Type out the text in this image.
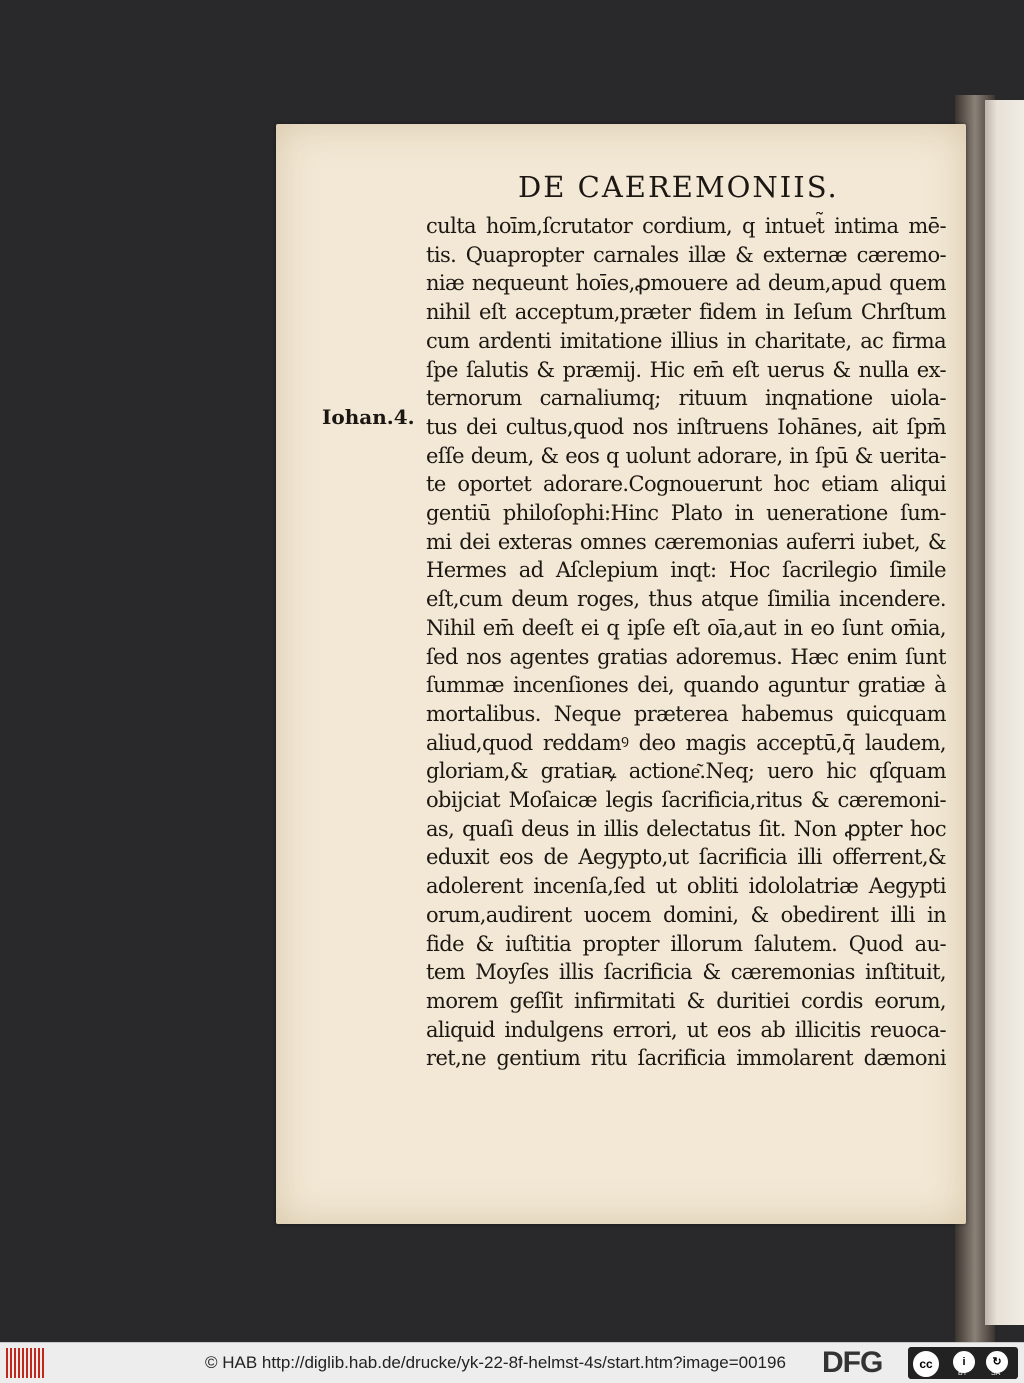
DE CAEREMONIIS.
Iohan.4.
culta hoīm,ſcrutator cordium, q intuet̃ intima mē-
tis. Quapropter carnales illæ & externæ cæremo-
niæ nequeunt hoīes,ꝓmouere ad deum,apud quem
nihil eſt acceptum,præter fidem in Ieſum Chrſtum
cum ardenti imitatione illius in charitate, ac firma
ſpe ſalutis & præmij. Hic em̄ eſt uerus & nulla ex-
ternorum carnaliumq; rituum inqnatione uiola-
tus dei cultus,quod nos inſtruens Iohānes, ait ſpm̄
eſſe deum, & eos q uolunt adorare, in ſpū & uerita-
te oportet adorare.Cognouerunt hoc etiam aliqui
gentiū philoſophi:Hinc Plato in ueneratione ſum-
mi dei exteras omnes cæremonias auferri iubet, &
Hermes ad Aſclepium inqt: Hoc ſacrilegio ſimile
eſt,cum deum roges, thus atque ſimilia incendere.
Nihil em̄ deeſt ei q ipſe eſt oīa,aut in eo ſunt om̄ia,
ſed nos agentes gratias adoremus. Hæc enim ſunt
ſummæ incenſiones dei, quando aguntur gratiæ à
mortalibus. Neque præterea habemus quicquam
aliud,quod reddamꝰ deo magis acceptū,q̄ laudem,
gloriam,& gratiaꝶ actione͂.Neq; uero hic qſquam
obijciat Moſaicæ legis ſacrificia,ritus & cæremoni-
as, quaſi deus in illis delectatus ſit. Non ꝓpter hoc
eduxit eos de Aegypto,ut ſacrificia illi offerrent,&
adolerent incenſa,ſed ut obliti idololatriæ Aegypti
orum,audirent uocem domini, & obedirent illi in
fide & iuſtitia propter illorum ſalutem. Quod au-
tem Moyſes illis ſacrificia & cæremonias inſtituit,
morem geſſit infirmitati & duritiei cordis eorum,
aliquid indulgens errori, ut eos ab illicitis reuoca-
ret,ne gentium ritu ſacrificia immolarent dæmoni
© HAB http://diglib.hab.de/drucke/yk-22-8f-helmst-4s/start.htm?image=00196 DFG	cc	i	↻
BY	SA
